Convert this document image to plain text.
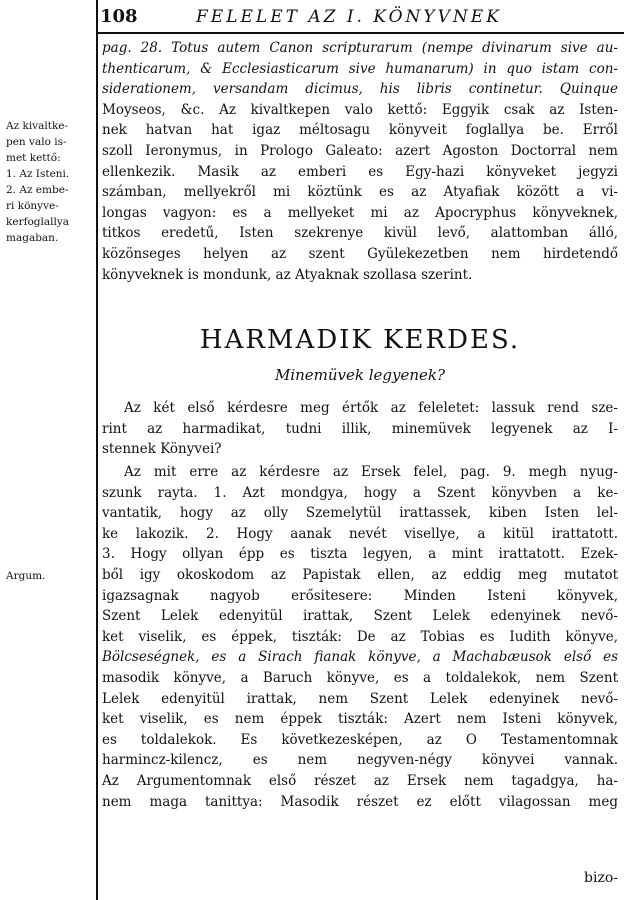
108	FELELET AZ I. KÖNYVNEK
Az kivaltke-
pen valo is-
met kettő:
1. Az Isteni.
2. Az embe-
ri könyve-
kerfoglallya
magaban.
Argum.
pag. 28. Totus autem Canon scripturarum (nempe divinarum sive au-
thenticarum, & Ecclesiasticarum sive humanarum) in quo istam con-
siderationem, versandam dicimus, his libris continetur. Quinque
Moyseos, &c. Az kivaltkepen valo kettő: Eggyik csak az Isten-
nek hatvan hat igaz méltosagu könyveit foglallya be. Erről
szoll Ieronymus, in Prologo Galeato: azert Agoston Doctorral nem
ellenkezik. Masik az emberi es Egy-hazi könyveket jegyzi
számban, mellyekről mi köztünk es az Atyafiak között a vi-
longas vagyon: es a mellyeket mi az Apocryphus könyveknek,
titkos eredetű, Isten szekrenye kivül levő, alattomban álló,
közönseges helyen az szent Gyülekezetben nem hirdetendő
könyveknek is mondunk, az Atyaknak szollasa szerint.
HARMADIK KERDES.
Minemüvek legyenek?
Az két első kérdesre meg értők az feleletet: lassuk rend sze-
rint az harmadikat, tudni illik, minemüvek legyenek az I-
stennek Könyvei?
Az mit erre az kérdesre az Ersek felel, pag. 9. megh nyug-
szunk rayta. 1. Azt mondgya, hogy a Szent könyvben a ke-
vantatik, hogy az olly Szemelytül irattassek, kiben Isten lel-
ke lakozik. 2. Hogy aanak nevét visellye, a kitül irattatott.
3. Hogy ollyan épp es tiszta legyen, a mint irattatott. Ezek-
ből igy okoskodom az Papistak ellen, az eddig meg mutatot
igazsagnak nagyob erősitesere: Minden Isteni könyvek,
Szent Lelek edenyitül irattak, Szent Lelek edenyinek nevő-
ket viselik, es éppek, tiszták: De az Tobias es Iudith könyve,
Bölcseségnek, es a Sirach fianak könyve, a Machabæusok első es
masodik könyve, a Baruch könyve, es a toldalekok, nem Szent
Lelek edenyitül irattak, nem Szent Lelek edenyinek nevő-
ket viselik, es nem éppek tiszták: Azert nem Isteni könyvek,
es toldalekok. Es következesképen, az O Testamentomnak
harmincz-kilencz, es nem negyven-négy könyvei vannak.
Az Argumentomnak első részet az Ersek nem tagadgya, ha-
nem maga tanittya: Masodik részet ez előtt vilagossan meg
bizo-
